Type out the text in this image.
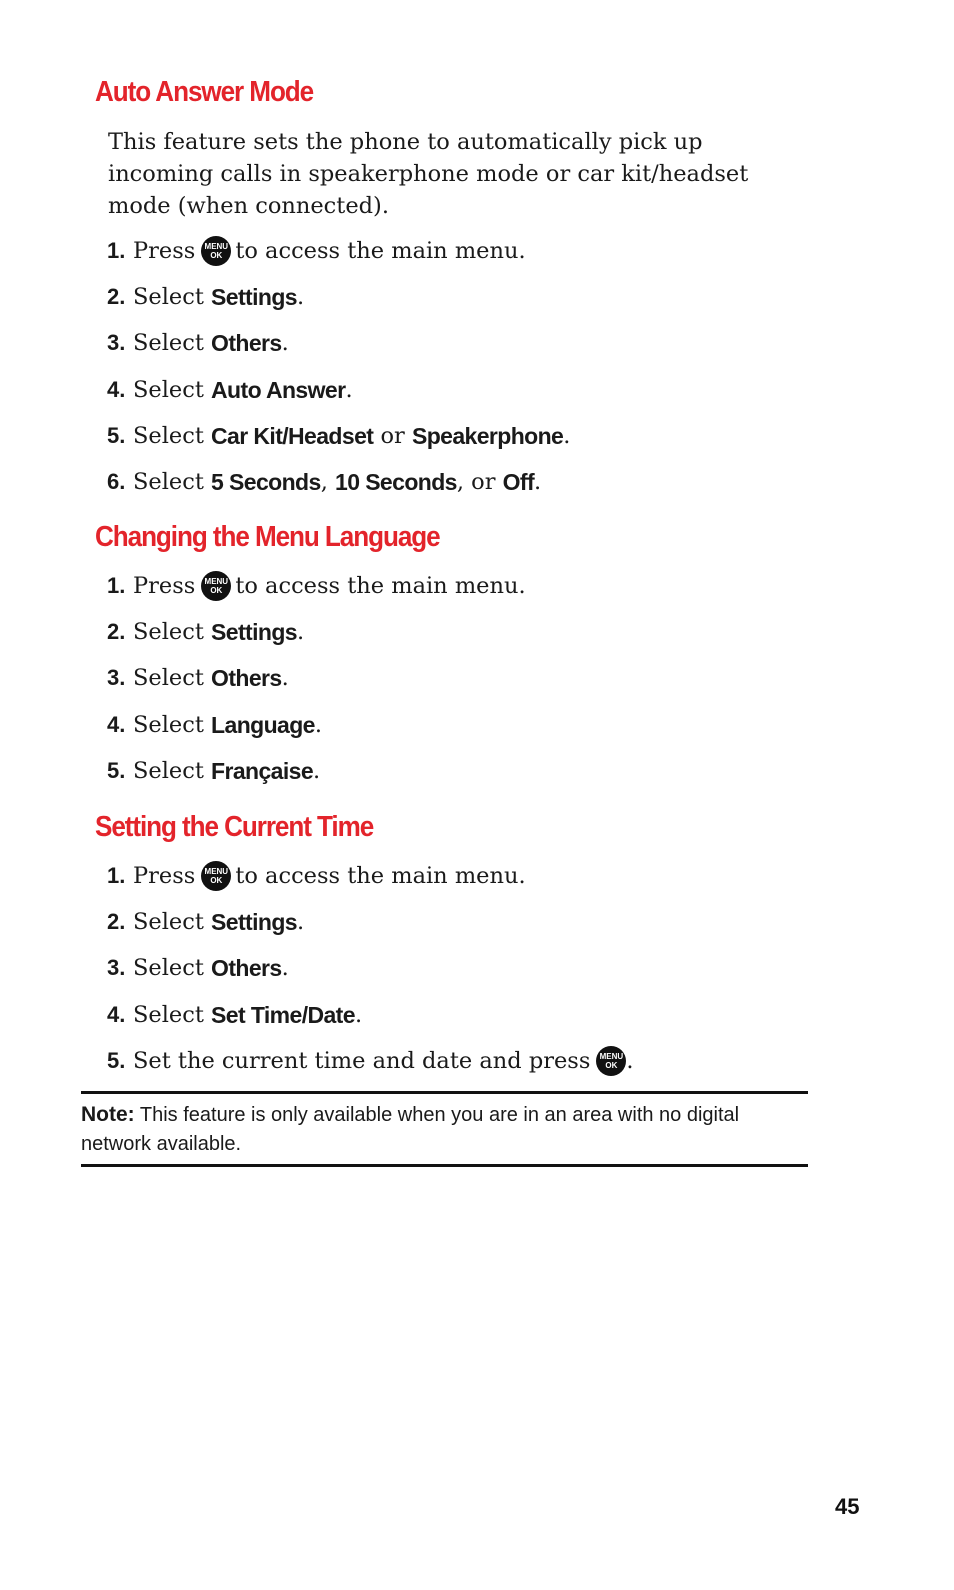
Auto Answer Mode

This feature sets the phone to automatically pick up incoming calls in speakerphone mode or car kit/headset mode (when connected).

1. Press MENU
OK to access the main menu.
2. Select
Settings .
3. Select
Others .
4. Select
Auto Answer .
5. Select
Car Kit/Headset
or
Speakerphone .
6. Select
5 Seconds ,
10 Seconds , or
Off .
Changing the Menu Language
1. Press MENU
OK to access the main menu.
2. Select
Settings .
3. Select
Others .
4. Select
Language .
5. Select
Française .
Setting the Current Time
1. Press MENU
OK to access the main menu.
2. Select
Settings .
3. Select
Others .
4. Select
Set Time/Date .
5. Set the current time and date and press MENU
OK .

Note: This feature is only available when you are in an area with no digital network available.

45
